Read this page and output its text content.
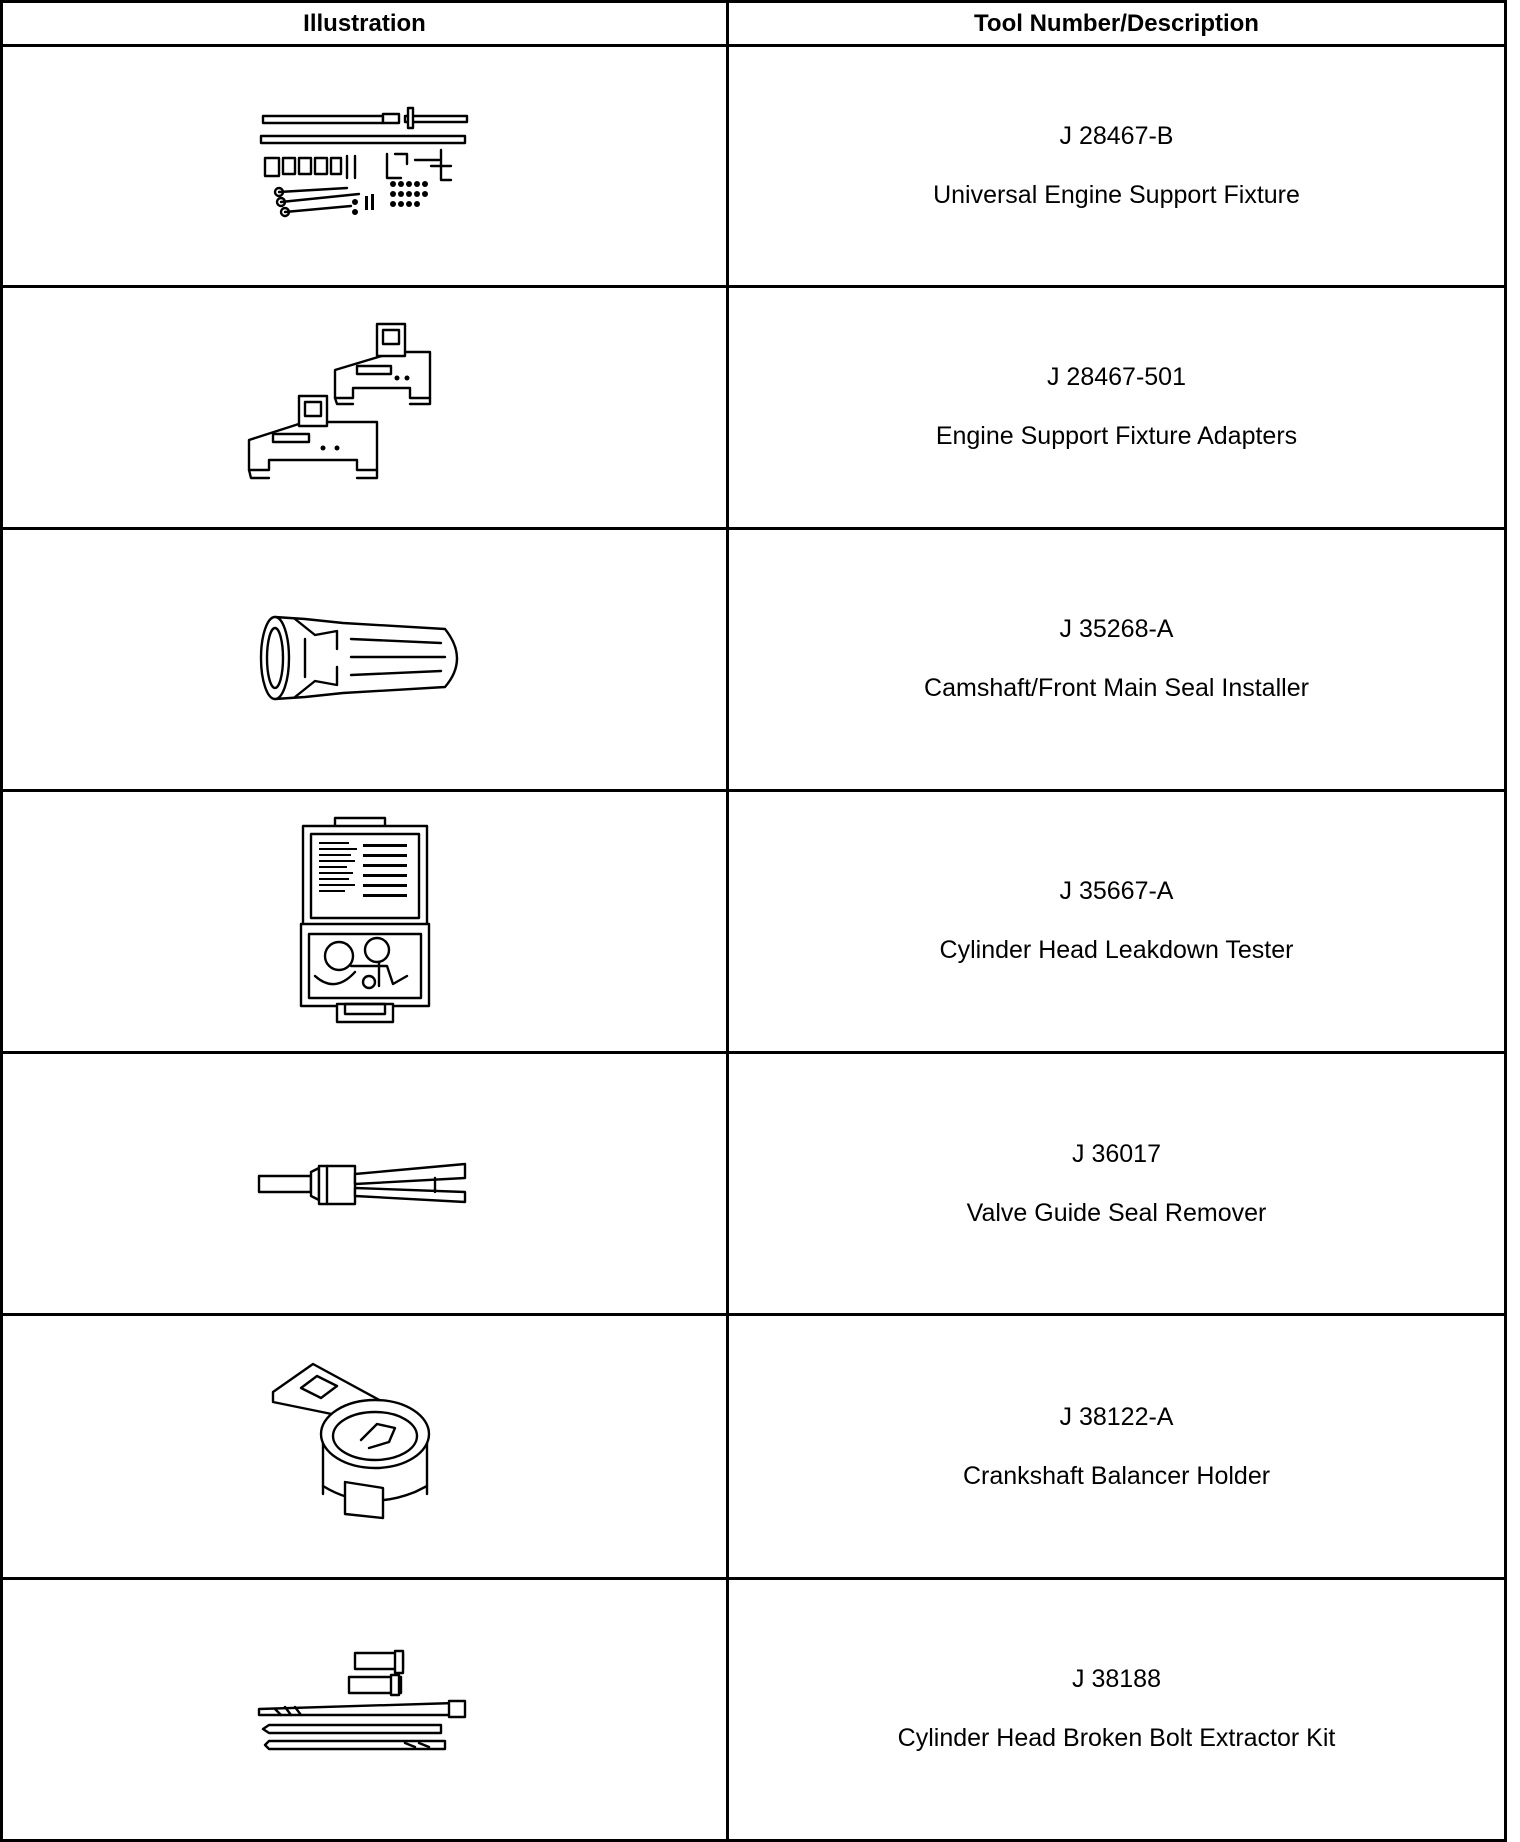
Illustration	Tool Number/Description

J 28467-B
Universal Engine Support Fixture

J 28467-501
Engine Support Fixture Adapters

J 35268-A
Camshaft/Front Main Seal Installer

J 35667-A
Cylinder Head Leakdown Tester

J 36017
Valve Guide Seal Remover

J 38122-A
Crankshaft Balancer Holder

J 38188
Cylinder Head Broken Bolt Extractor Kit
